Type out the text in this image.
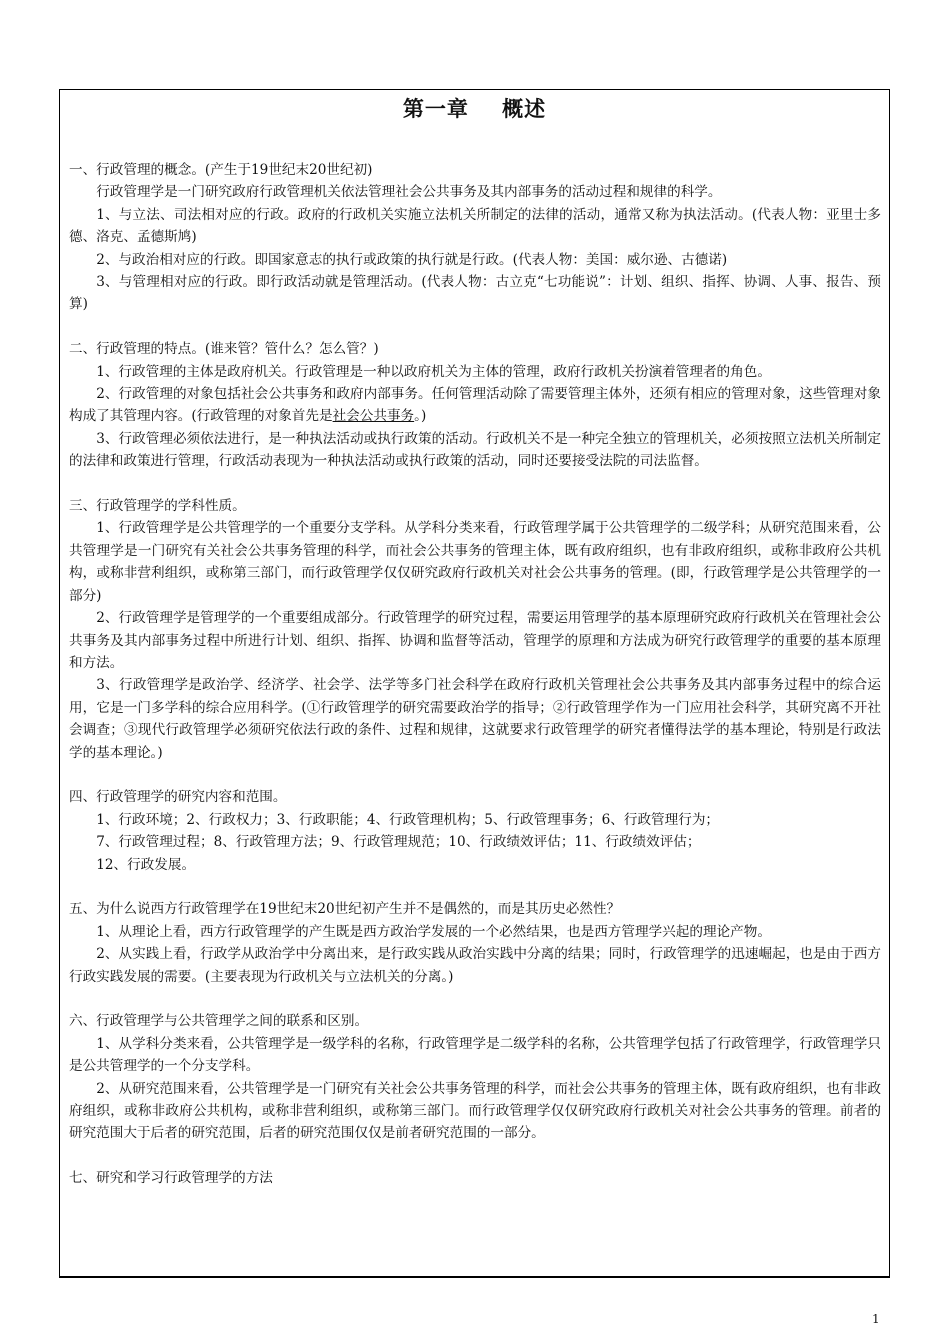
第一章    概述

一、行政管理的概念。(产生于19世纪末20世纪初)

行政管理学是一门研究政府行政管理机关依法管理社会公共事务及其内部事务的活动过程和规律的科学。

1、与立法、司法相对应的行政。政府的行政机关实施立法机关所制定的法律的活动，通常又称为执法活动。(代表人物：亚里士多德、洛克、孟德斯鸠)

2、与政治相对应的行政。即国家意志的执行或政策的执行就是行政。(代表人物：美国：威尔逊、古德诺)

3、与管理相对应的行政。即行政活动就是管理活动。(代表人物：古立克“七功能说”：计划、组织、指挥、协调、人事、报告、预算)

二、行政管理的特点。(谁来管？管什么？怎么管？)

1、行政管理的主体是政府机关。行政管理是一种以政府机关为主体的管理，政府行政机关扮演着管理者的角色。

2、行政管理的对象包括社会公共事务和政府内部事务。任何管理活动除了需要管理主体外，还须有相应的管理对象，这些管理对象构成了其管理内容。(行政管理的对象首先是社会公共事务。)

3、行政管理必须依法进行，是一种执法活动或执行政策的活动。行政机关不是一种完全独立的管理机关，必须按照立法机关所制定的法律和政策进行管理，行政活动表现为一种执法活动或执行政策的活动，同时还要接受法院的司法监督。

三、行政管理学的学科性质。

1、行政管理学是公共管理学的一个重要分支学科。从学科分类来看，行政管理学属于公共管理学的二级学科；从研究范围来看，公共管理学是一门研究有关社会公共事务管理的科学，而社会公共事务的管理主体，既有政府组织，也有非政府组织，或称非政府公共机构，或称非营利组织，或称第三部门，而行政管理学仅仅研究政府行政机关对社会公共事务的管理。(即，行政管理学是公共管理学的一部分)

2、行政管理学是管理学的一个重要组成部分。行政管理学的研究过程，需要运用管理学的基本原理研究政府行政机关在管理社会公共事务及其内部事务过程中所进行计划、组织、指挥、协调和监督等活动，管理学的原理和方法成为研究行政管理学的重要的基本原理和方法。

3、行政管理学是政治学、经济学、社会学、法学等多门社会科学在政府行政机关管理社会公共事务及其内部事务过程中的综合运用，它是一门多学科的综合应用科学。(①行政管理学的研究需要政治学的指导；②行政管理学作为一门应用社会科学，其研究离不开社会调查；③现代行政管理学必须研究依法行政的条件、过程和规律，这就要求行政管理学的研究者懂得法学的基本理论，特别是行政法学的基本理论。)

四、行政管理学的研究内容和范围。

1、行政环境；2、行政权力；3、行政职能；4、行政管理机构；5、行政管理事务；6、行政管理行为；

7、行政管理过程；8、行政管理方法；9、行政管理规范；10、行政绩效评估；11、行政绩效评估；

12、行政发展。

五、为什么说西方行政管理学在19世纪末20世纪初产生并不是偶然的，而是其历史必然性？

1、从理论上看，西方行政管理学的产生既是西方政治学发展的一个必然结果，也是西方管理学兴起的理论产物。

2、从实践上看，行政学从政治学中分离出来，是行政实践从政治实践中分离的结果；同时，行政管理学的迅速崛起，也是由于西方行政实践发展的需要。(主要表现为行政机关与立法机关的分离。)

六、行政管理学与公共管理学之间的联系和区别。

1、从学科分类来看，公共管理学是一级学科的名称，行政管理学是二级学科的名称，公共管理学包括了行政管理学，行政管理学只是公共管理学的一个分支学科。

2、从研究范围来看，公共管理学是一门研究有关社会公共事务管理的科学，而社会公共事务的管理主体，既有政府组织，也有非政府组织，或称非政府公共机构，或称非营利组织，或称第三部门。而行政管理学仅仅研究政府行政机关对社会公共事务的管理。前者的研究范围大于后者的研究范围，后者的研究范围仅仅是前者研究范围的一部分。

七、研究和学习行政管理学的方法

1
